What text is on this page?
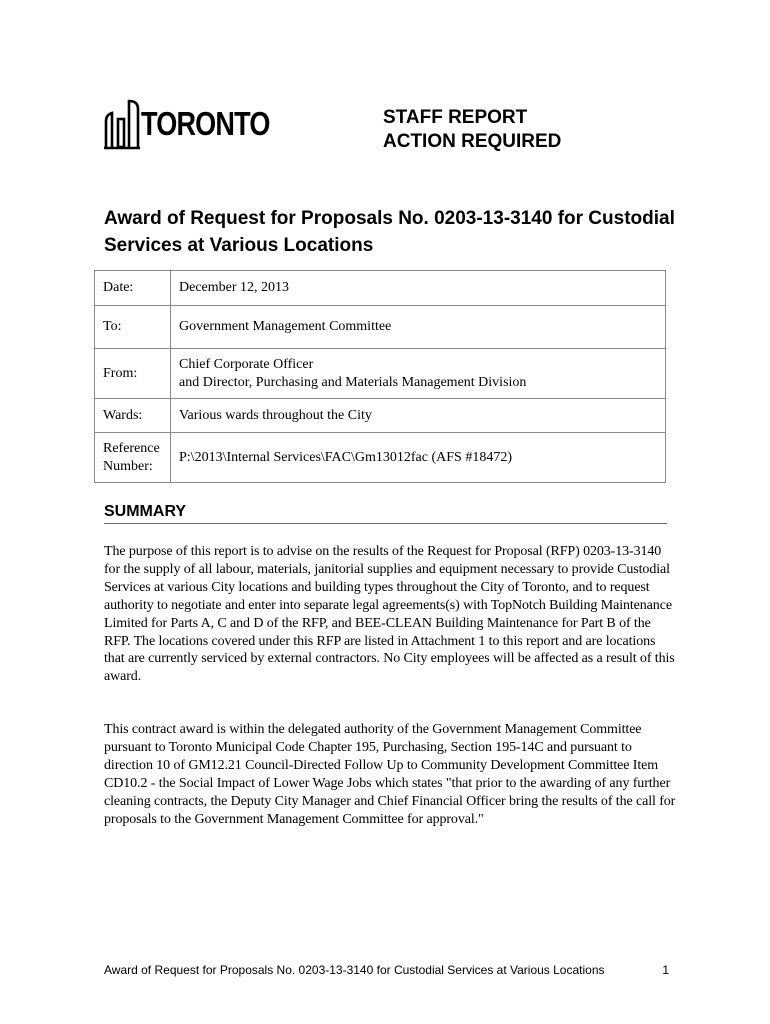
TORONTO	STAFF REPORT
ACTION REQUIRED
Award of Request for Proposals No. 0203-13-3140 for Custodial Services at Various Locations
Date:	December 12, 2013
To:	Government Management Committee
From:	Chief Corporate Officer
and Director, Purchasing and Materials Management Division

Wards:	Various wards throughout the City

Reference
Number:	P:\2013\Internal Services\FAC\Gm13012fac (AFS #18472)
SUMMARY
The purpose of this report is to advise on the results of the Request for Proposal (RFP) 0203-13-3140 for the supply of all labour, materials, janitorial supplies and equipment necessary to provide Custodial Services at various City locations and building types throughout the City of Toronto, and to request authority to negotiate and enter into separate legal agreements(s) with TopNotch Building Maintenance Limited for Parts A, C and D of the RFP, and BEE-CLEAN Building Maintenance for Part B of the RFP. The locations covered under this RFP are listed in Attachment 1 to this report and are locations that are currently serviced by external contractors. No City employees will be affected as a result of this award.
This contract award is within the delegated authority of the Government Management Committee pursuant to Toronto Municipal Code Chapter 195, Purchasing, Section 195-14C and pursuant to direction 10 of GM12.21 Council-Directed Follow Up to Community Development Committee Item CD10.2 - the Social Impact of Lower Wage Jobs which states "that prior to the awarding of any further cleaning contracts, the Deputy City Manager and Chief Financial Officer bring the results of the call for proposals to the Government Management Committee for approval."
Award of Request for Proposals No. 0203-13-3140 for Custodial Services at Various Locations	1
